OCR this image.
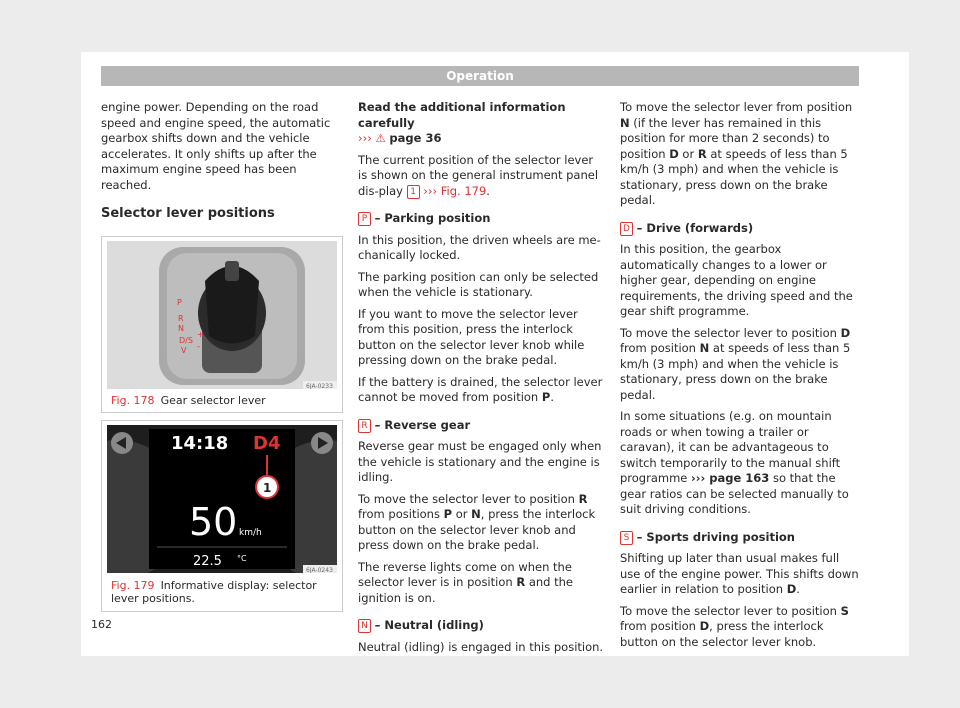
Operation

engine power. Depending on the road speed and engine speed, the automatic gearbox shifts down and the vehicle accelerates. It only shifts up after the maximum engine speed has been reached.

Selector lever positions
P
R
N
D/S
V
+
-
6JA-0233
Fig. 178 Gear selector lever
14:18 D4
1
50 km/h
22.5 °C
6JA-0243
Fig. 179 Informative display: selector lever positions.

Read the additional information carefully
››› ⚠ page 36

The current position of the selector lever is shown on the general instrument panel dis-play 1 ››› Fig. 179.

P – Parking position

In this position, the driven wheels are me-chanically locked.

The parking position can only be selected when the vehicle is stationary.

If you want to move the selector lever from this position, press the interlock button on the selector lever knob while pressing down on the brake pedal.

If the battery is drained, the selector lever cannot be moved from position P.

R – Reverse gear

Reverse gear must be engaged only when the vehicle is stationary and the engine is idling.

To move the selector lever to position R from positions P or N, press the interlock button on the selector lever knob and press down on the brake pedal.

The reverse lights come on when the selector lever is in position R and the ignition is on.

N – Neutral (idling)

Neutral (idling) is engaged in this position.

To move the selector lever from position N (if the lever has remained in this position for more than 2 seconds) to position D or R at speeds of less than 5 km/h (3 mph) and when the vehicle is stationary, press down on the brake pedal.

D – Drive (forwards)

In this position, the gearbox automatically changes to a lower or higher gear, depending on engine requirements, the driving speed and the gear shift programme.

To move the selector lever to position D from position N at speeds of less than 5 km/h (3 mph) and when the vehicle is stationary, press down on the brake pedal.

In some situations (e.g. on mountain roads or when towing a trailer or caravan), it can be advantageous to switch temporarily to the manual shift programme ››› page 163 so that the gear ratios can be selected manually to suit driving conditions.

S – Sports driving position

Shifting up later than usual makes full use of the engine power. This shifts down earlier in relation to position D.

To move the selector lever to position S from position D, press the interlock button on the selector lever knob.

162
